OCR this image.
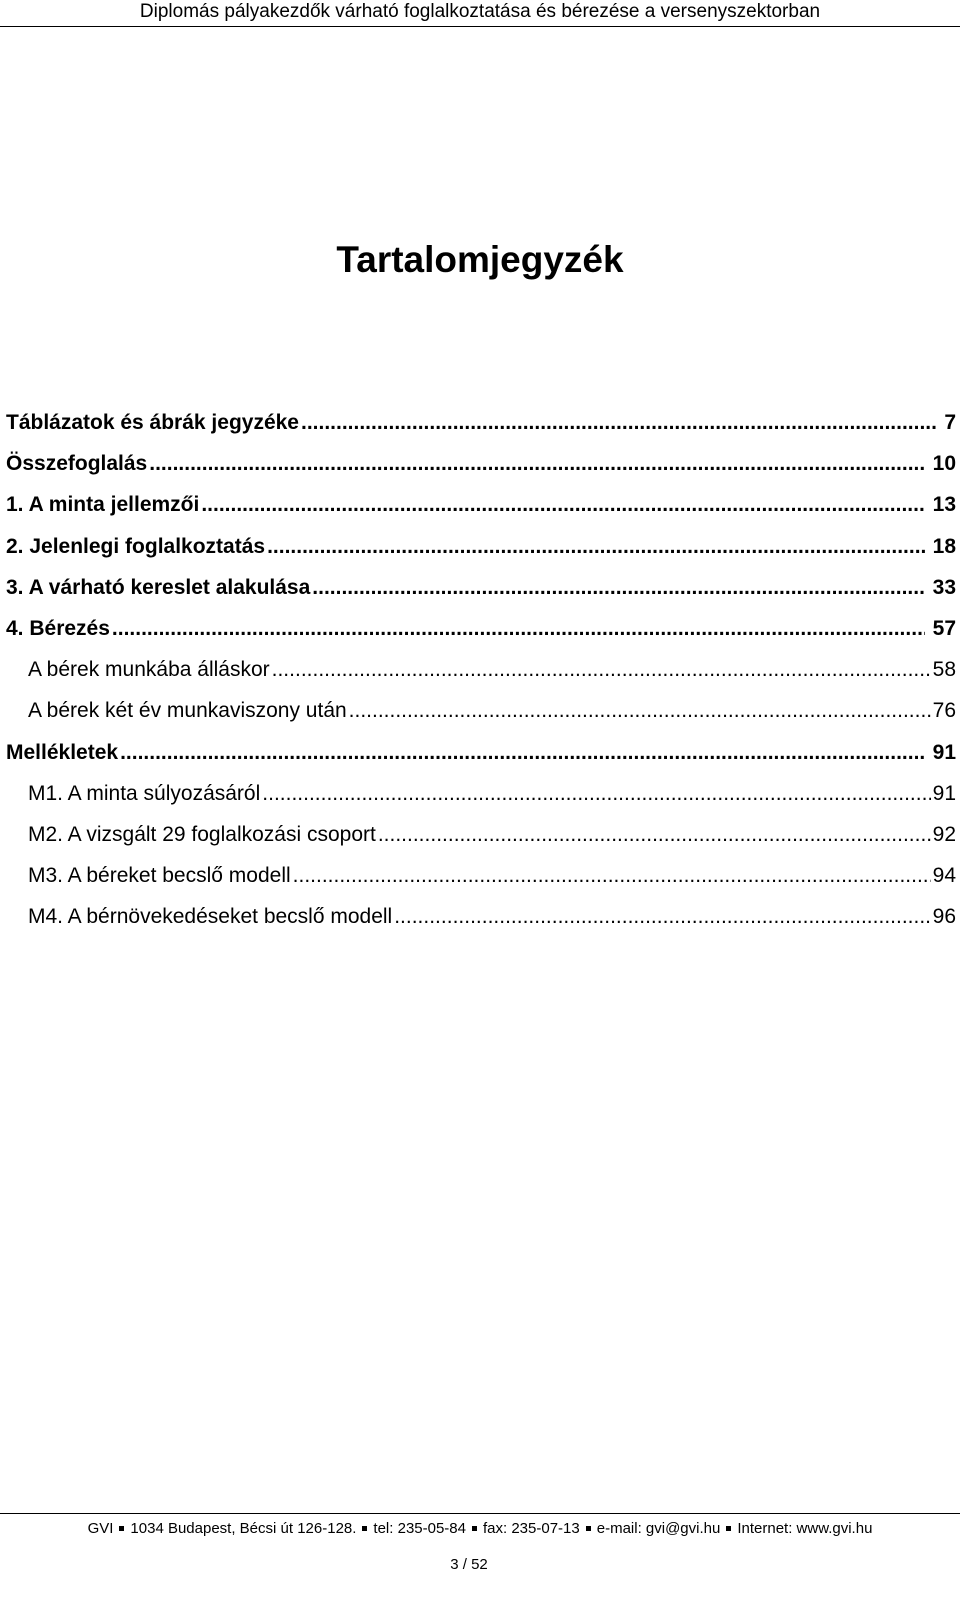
Diplomás pályakezdők várható foglalkoztatása és bérezése a versenyszektorban
Tartalomjegyzék
Táblázatok és ábrák jegyzéke .....	7
Összefoglalás .....	10
1. A minta jellemzői .....	13
2. Jelenlegi foglalkoztatás .....	18
3. A várható kereslet alakulása .....	33
4. Bérezés .....	57
A bérek munkába álláskor .....	58
A bérek két év munkaviszony után .....	76
Mellékletek .....	91
M1. A minta súlyozásáról .....	91
M2. A vizsgált 29 foglalkozási csoport .....	92
M3. A béreket becslő modell .....	94
M4. A bérnövekedéseket becslő modell .....	96
GVI 1034 Budapest, Bécsi út 126-128. tel: 235-05-84 fax: 235-07-13 e-mail: gvi@gvi.hu Internet: www.gvi.hu
3 / 52
